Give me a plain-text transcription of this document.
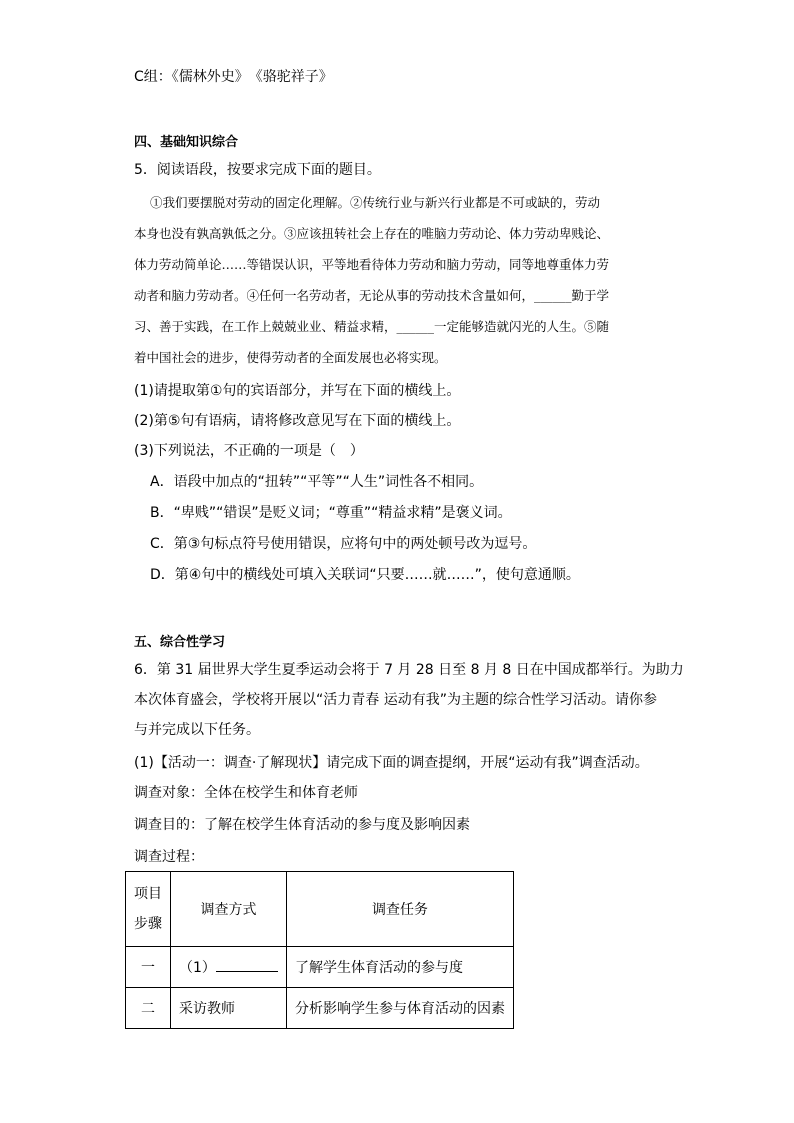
C组：《儒林外史》　《骆驼祥子》
四、基础知识综合
5．阅读语段，按要求完成下面的题目。
①我们要摆脱对劳动的固定化理解。②传统行业与新兴行业都是不可或缺的，劳动
本身也没有孰高孰低之分。③应该扭转社会上存在的唯脑力劳动论、体力劳动卑贱论、
体力劳动简单论……等错误认识，平等地看待体力劳动和脑力劳动，同等地尊重体力劳
动者和脑力劳动者。④任何一名劳动者，无论从事的劳动技术含量如何，______勤于学
习、善于实践，在工作上兢兢业业、精益求精，______一定能够造就闪光的人生。⑤随
着中国社会的进步，使得劳动者的全面发展也必将实现。
(1)请提取第①句的宾语部分，并写在下面的横线上。
(2)第⑤句有语病，请将修改意见写在下面的横线上。
(3)下列说法，不正确的一项是（　）
A．语段中加点的“扭转”“平等”“人生”词性各不相同。
B．“卑贱”“错误”是贬义词；“尊重”“精益求精”是褒义词。
C．第③句标点符号使用错误，应将句中的两处顿号改为逗号。
D．第④句中的横线处可填入关联词“只要……就……”，使句意通顺。
五、综合性学习
6．第 31 届世界大学生夏季运动会将于 7 月 28 日至 8 月 8 日在中国成都举行。为助力
本次体育盛会，学校将开展以“活力青春 运动有我”为主题的综合性学习活动。请你参
与并完成以下任务。
(1)【活动一：调查·了解现状】请完成下面的调查提纲，开展“运动有我”调查活动。
调查对象：全体在校学生和体育老师
调查目的：了解在校学生体育活动的参与度及影响因素
调查过程：
项目
步骤	调查方式	调查任务
一	（1）	了解学生体育活动的参与度
二	采访教师	分析影响学生参与体育活动的因素
